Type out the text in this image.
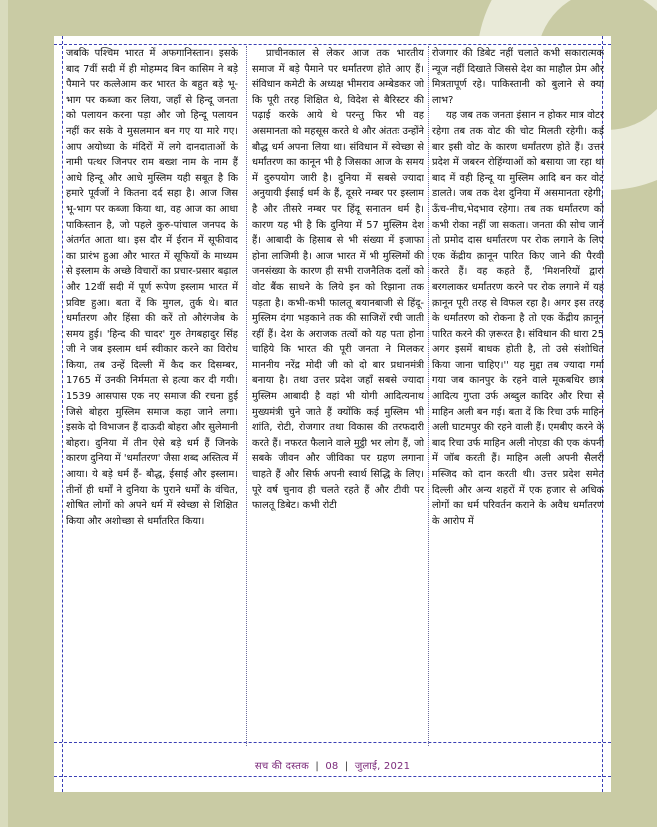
जबकि पश्चिम भारत में अफगानिस्तान। इसके बाद 7वीं सदी में ही मोहम्मद बिन कासिम ने बड़े पैमाने पर कत्लेआम कर भारत के बहुत बड़े भू-भाग पर कब्जा कर लिया, जहाँ से हिन्दू जनता को पलायन करना पड़ा और जो हिन्दू पलायन नहीं कर सके वे मुसलमान बन गए या मारे गए। आप अयोध्या के मंदिरों में लगे दानदाताओं के नामी पत्थर जिनपर राम बख्श नाम के नाम हैं आधे हिन्दू और आधे मुस्लिम यही सबूत है कि हमारे पूर्वजों ने कितना दर्द सहा है। आज जिस भू-भाग पर कब्जा किया था, वह आज का आधा पाकिस्तान है, जो पहले कुरु-पांचाल जनपद के अंतर्गत आता था। इस दौर में ईरान में सूफीवाद का प्रारंभ हुआ और भारत में सूफियों के माध्यम से इस्लाम के अच्छे विचारों का प्रचार-प्रसार बढ़ाल और 12वीं सदी में पूर्ण रूपेण इस्लाम भारत में प्रविष्ट हुआ। बता दें कि मुगल, तुर्क थे। बात धर्मांतरण और हिंसा की करें तो औरंगजेब के समय हुई। 'हिन्द की चादर' गुरु तेगबहादुर सिंह जी ने जब इस्लाम धर्म स्वीकार करने का विरोध किया, तब उन्हें दिल्ली में कैद कर दिसम्बर, 1765 में उनकी निर्ममता से हत्या कर दी गयी।1539 आसपास एक नए समाज की रचना हुई जिसे बोहरा मुस्लिम समाज कहा जाने लगा। इसके दो विभाजन हैं दाऊदी बोहरा और सुलेमानी बोहरा। दुनिया में तीन ऐसे बड़े धर्म हैं जिनके कारण दुनिया में 'धर्मांतरण' जैसा शब्द अस्तित्व में आया। ये बड़े धर्म हैं- बौद्ध, ईसाई और इस्लाम। तीनों ही धर्मों ने दुनिया के पुराने धर्मों के वंचित, शोषित लोगों को अपने धर्म में स्वेच्छा से शिक्षित किया और अशोच्छा से धर्मांतरित किया।

प्राचीनकाल से लेकर आज तक भारतीय समाज में बड़े पैमाने पर धर्मांतरण होते आए हैं। संविधान कमेटी के अध्यक्ष भीमराव अम्बेडकर जो कि पूरी तरह शिक्षित थे, विदेश से बैरिस्टर की पढ़ाई करके आये थे परन्तु फिर भी वह असमानता को महसूस करते थे और अंततः उन्होंने बौद्ध धर्म अपना लिया था। संविधान में स्वेच्छा से धर्मांतरण का कानून भी है जिसका आज के समय में दुरुपयोग जारी है। दुनिया में सबसे ज्यादा अनुयायी ईसाई धर्म के हैं, दूसरे नम्बर पर इस्लाम है और तीसरे नम्बर पर हिंदू सनातन धर्म है। कारण यह भी है कि दुनिया में 57 मुस्लिम देश हैं। आबादी के हिसाब से भी संख्या में इजाफा होना लाजिमी है। आज भारत में भी मुस्लिमों की जनसंख्या के कारण ही सभी राजनैतिक दलों को वोट बैंक साधने के लिये इन को रिझाना तक पड़ता है। कभी-कभी फालतू बयानबाजी से हिंदू-मुस्लिम दंगा भड़काने तक की साजिशें रची जाती रहीं हैं। देश के अराजक तत्वों को यह पता होना चाहिये कि भारत की पूरी जनता ने मिलकर माननीय नरेंद्र मोदी जी को दो बार प्रधानमंत्री बनाया है। तथा उत्तर प्रदेश जहाँ सबसे ज्यादा मुस्लिम आबादी है वहां भी योगी आदित्यनाथ मुख्यमंत्री चुने जाते हैं क्योंकि कई मुस्लिम भी शांति, रोटी, रोजगार तथा विकास की तरफदारी करते हैं। नफरत फैलाने वाले मुट्ठी भर लोग हैं, जो सबके जीवन और जीविका पर ग्रहण लगाना चाहते हैं और सिर्फ अपनी स्वार्थ सिद्धि के लिए। पूरे वर्ष चुनाव ही चलते रहते हैं और टीवी पर फालतू डिबेट। कभी रोटी

रोजगार की डिबेट नहीं चलाते कभी सकारात्मक न्यूज नहीं दिखाते जिससे देश का माहौल प्रेम और मित्रतापूर्ण रहे। पाकिस्तानी को बुलाने से क्या लाभ?

यह जब तक जनता इंसान न होकर मात्र वोटर रहेगा तब तक वोट की चोट मिलती रहेगी। कई बार इसी वोट के कारण धर्मांतरण होते हैं। उत्तर प्रदेश में जबरन रोहिंग्याओं को बसाया जा रहा था बाद में वही हिन्दू या मुस्लिम आदि बन कर वोट डालते। जब तक देश दुनिया में असमानता रहेगी, ऊँच-नीच,भेदभाव रहेगा। तब तक धर्मांतरण को कभी रोका नहीं जा सकता। जनता की सोच जानें तो प्रमोद दास धर्मांतरण पर रोक लगाने के लिए एक केंद्रीय क़ानून पारित किए जाने की पैरवी करते हैं। वह कहते हैं, 'मिशनरियों द्वारा बरगलाकर धर्मांतरण करने पर रोक लगाने में यह क़ानून पूरी तरह से विफल रहा है। अगर इस तरह के धर्मांतरण को रोकना है तो एक केंद्रीय क़ानून पारित करने की ज़रूरत है। संविधान की धारा 25 अगर इसमें बाधक होती है, तो उसे संशोधित किया जाना चाहिए।'' यह मुद्दा तब ज्यादा गर्मा गया जब कानपुर के रहने वाले मूकबधिर छात्र आदित्य गुप्ता उर्फ अब्दुल कादिर और रिचा से माहिन अली बन गई। बता दें कि रिचा उर्फ माहिन अली घाटमपुर की रहने वाली हैं। एमबीए करने के बाद रिचा उर्फ माहिन अली नोएडा की एक कंपनी में जॉब करती हैं। माहिन अली अपनी सैलरी मस्जिद को दान करती थी। उत्तर प्रदेश समेत दिल्ली और अन्य शहरों में एक हजार से अधिक लोगों का धर्म परिवर्तन कराने के अवैध धर्मांतरण के आरोप में

सच की दस्तक | 08 | जुलाई, 2021
